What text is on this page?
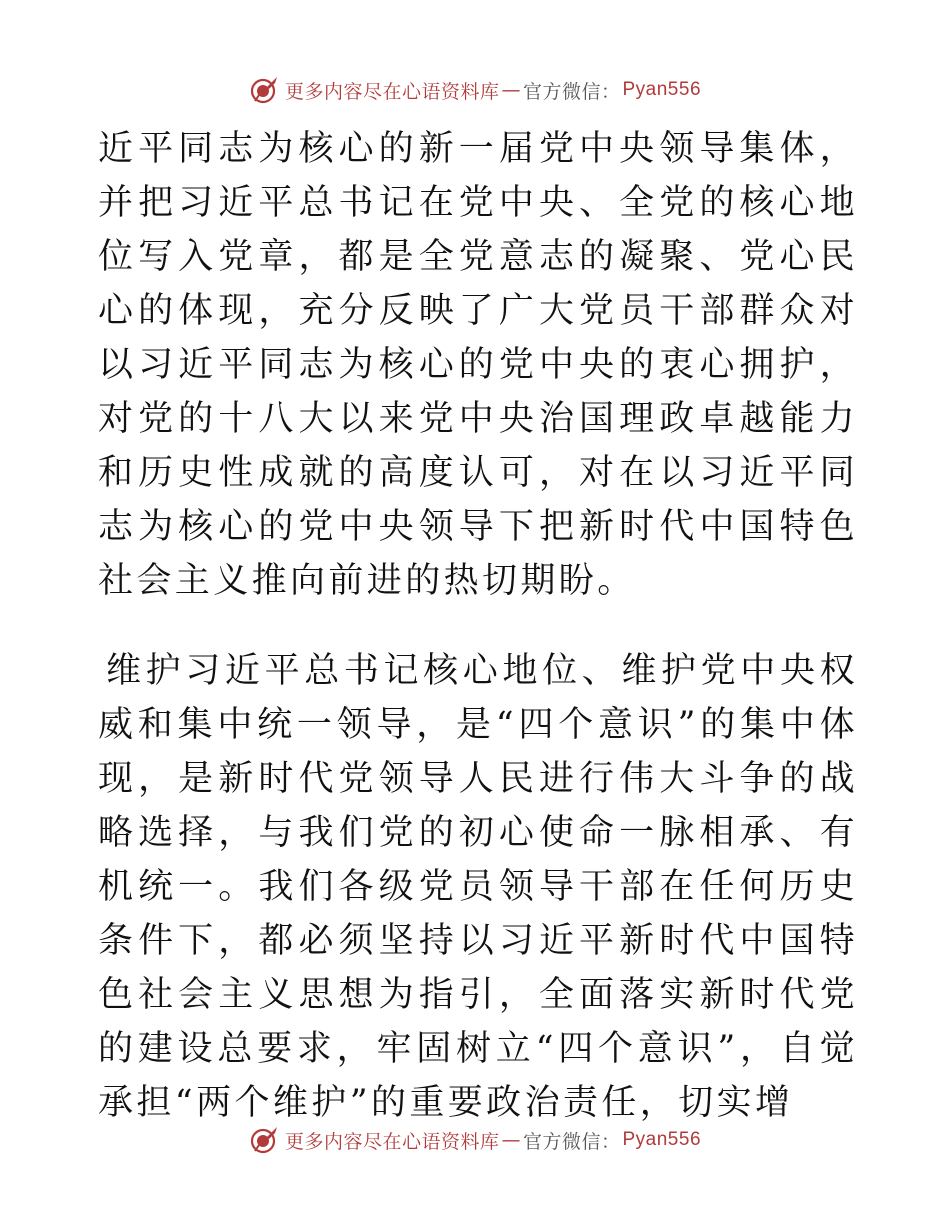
更多内容尽在心语资料库 — 官方微信： Pyan556

近平同志为核心的新一届党中央领导集体，并把习近平总书记在党中央、全党的核心地位写入党章，都是全党意志的凝聚、党心民心的体现，充分反映了广大党员干部群众对以习近平同志为核心的党中央的衷心拥护，对党的十八大以来党中央治国理政卓越能力和历史性成就的高度认可，对在以习近平同志为核心的党中央领导下把新时代中国特色社会主义推向前进的热切期盼。

维护习近平总书记核心地位、维护党中央权威和集中统一领导，是“四个意识”的集中体现，是新时代党领导人民进行伟大斗争的战略选择，与我们党的初心使命一脉相承、有机统一。我们各级党员领导干部在任何历史条件下，都必须坚持以习近平新时代中国特色社会主义思想为指引，全面落实新时代党的建设总要求，牢固树立“四个意识”，自觉承担“两个维护”的重要政治责任，切实增

更多内容尽在心语资料库 — 官方微信： Pyan556
